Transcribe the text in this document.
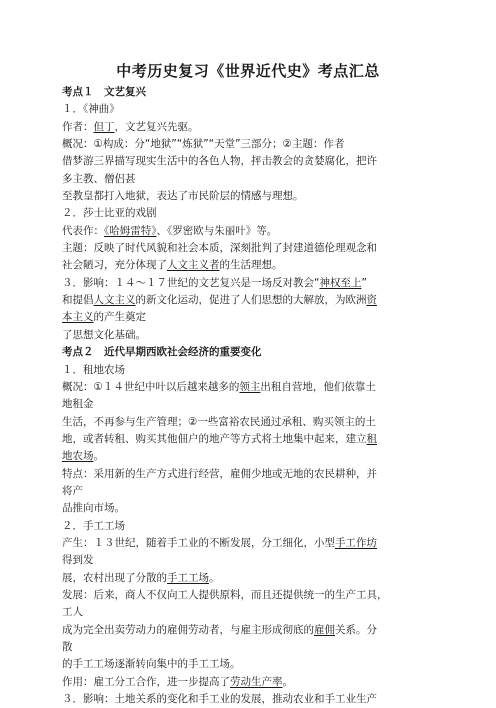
中考历史复习《世界近代史》考点汇总
考点１　文艺复兴
１．《神曲》
作者：但丁，文艺复兴先驱。
概况：①构成：分“地狱”“炼狱”“天堂”三部分；②主题：作者
借梦游三界描写现实生活中的各色人物，抨击教会的贪婪腐化，把许
多主教、僧侣甚
至教皇都打入地狱，表达了市民阶层的情感与理想。
２．莎士比亚的戏剧
代表作：《哈姆雷特》、《罗密欧与朱丽叶》等。
主题：反映了时代风貌和社会本质，深刻批判了封建道德伦理观念和
社会陋习，充分体现了人文主义者的生活理想。
３．影响：１４～１７世纪的文艺复兴是一场反对教会“神权至上”
和提倡人文主义的新文化运动，促进了人们思想的大解放，为欧洲资
本主义的产生奠定
了思想文化基础。
考点２　近代早期西欧社会经济的重要变化
１．租地农场
概况：①１４世纪中叶以后越来越多的领主出租自营地，他们依靠土
地租金
生活，不再参与生产管理；②一些富裕农民通过承租、购买领主的土
地，或者转租、购买其他佃户的地产等方式将土地集中起来，建立租
地农场。
特点：采用新的生产方式进行经营，雇佣少地或无地的农民耕种，并
将产
品推向市场。
２．手工工场
产生：１３世纪，随着手工业的不断发展，分工细化，小型手工作坊
得到发
展，农村出现了分散的手工工场。
发展：后来，商人不仅向工人提供原料，而且还提供统一的生产工具，
工人
成为完全出卖劳动力的雇佣劳动者，与雇主形成彻底的雇佣关系。分
散
的手工工场逐渐转向集中的手工工场。
作用：雇工分工合作，进一步提高了劳动生产率。
３．影响：土地关系的变化和手工业的发展，推动农业和手工业生产
